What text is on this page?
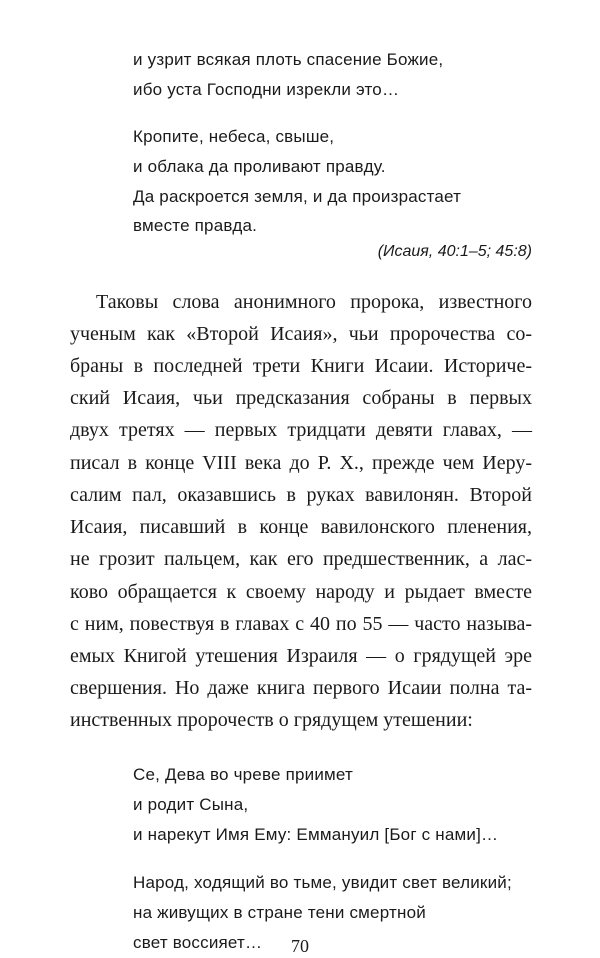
и узрит всякая плоть спасение Божие,
ибо уста Господни изрекли это…
Кропите, небеса, свыше,
и облака да проливают правду.
Да раскроется земля, и да произрастает
вместе правда.
(Исаия, 40:1–5; 45:8)
Таковы слова анонимного пророка, известного
ученым как «Второй Исаия», чьи пророчества со-
браны в последней трети Книги Исаии. Историче-
ский Исаия, чьи предсказания собраны в первых
двух третях — первых тридцати девяти главах, —
писал в конце VIII века до Р. Х., прежде чем Иеру-
салим пал, оказавшись в руках вавилонян. Второй
Исаия, писавший в конце вавилонского пленения,
не грозит пальцем, как его предшественник, а лас-
ково обращается к своему народу и рыдает вместе
с ним, повествуя в главах с 40 по 55 — часто называ-
емых Книгой утешения Израиля — о грядущей эре
свершения. Но даже книга первого Исаии полна та-
инственных пророчеств о грядущем утешении:
Се, Дева во чреве приимет
и родит Сына,
и нарекут Имя Ему: Еммануил [Бог с нами]…
Народ, ходящий во тьме, увидит свет великий;
на живущих в стране тени смертной
свет воссияет…	70
